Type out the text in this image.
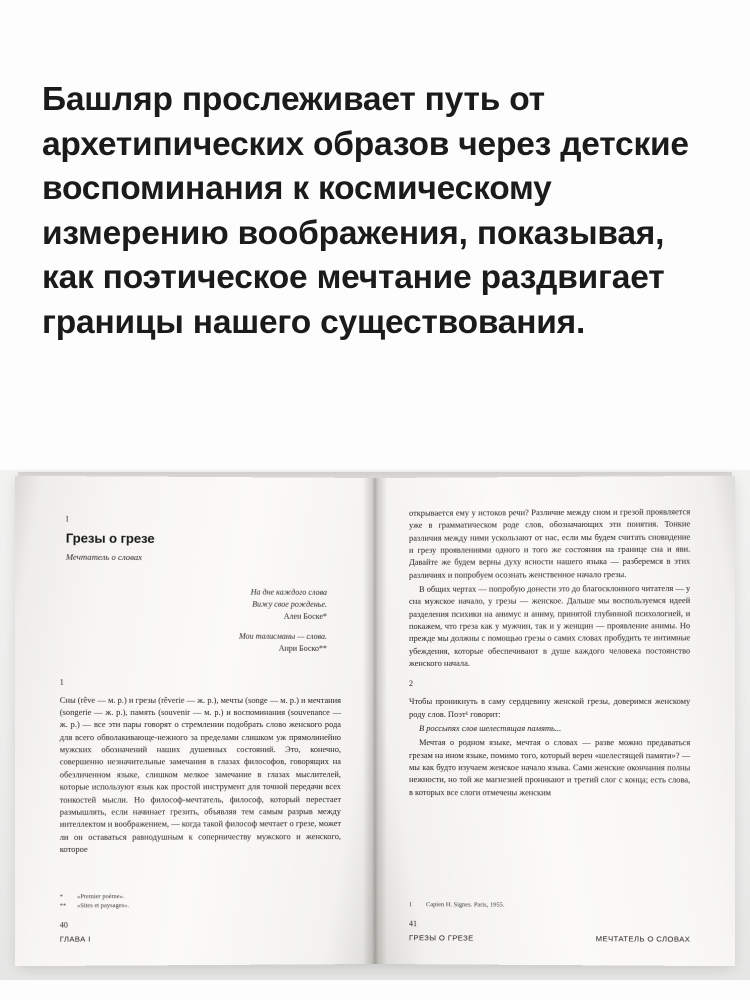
Башляр прослеживает путь от архетипических образов через детские воспоминания к космическому измерению воображения, показывая, как поэтическое мечтание раздвигает границы нашего существования.
I
Грезы о грезе
Мечтатель о словах
На дне каждого слова
Вижу свое рожденье.
Ален Боске*
Мои талисманы — слова.
Анри Боско**
1
Сны (rêve — м. р.) и грезы (rêverie — ж. р.), мечты (songe — м. р.) и мечтания (songerie — ж. р.), память (souvenir — м. р.) и воспоминания (souvenance — ж. р.) — все эти пары говорят о стремлении подобрать слово женского рода для всего обволакивающе-нежного за пределами слишком уж прямолинейно мужских обозначений наших душевных состояний. Это, конечно, совершенно незначительные замечания в глазах философов, говорящих на обезличенном языке, слишком мелкое замечание в глазах мыслителей, которые используют язык как простой инструмент для точной передачи всех тонкостей мысли. Но философ-мечтатель, философ, который перестает размышлять, если начинает грезить, объявляя тем самым разрыв между интеллектом и воображением, — когда такой философ мечтает о грезе, может ли он оставаться равнодушным к соперничеству мужского и женского, которое
*	«Premier poème».
**	«Sites et paysages».
40
ГЛАВА I
открывается ему у истоков речи? Различие между сном и грезой проявляется уже в грамматическом роде слов, обозначающих эти понятия. Тонкие различия между ними ускользают от нас, если мы будем считать сновидение и грезу проявлениями одного и того же состояния на границе сна и яви. Давайте же будем верны духу ясности нашего языка — разберемся в этих различиях и попробуем осознать женственное начало грезы.
В общих чертах — попробую донести это до благосклонного читателя — у сна мужское начало, у грезы — женское. Дальше мы воспользуемся идеей разделения психики на анимус и аниму, принятой глубинной психологией, и покажем, что греза как у мужчин, так и у женщин — проявление анимы. Но прежде мы должны с помощью грезы о самих словах пробудить те интимные убеждения, которые обеспечивают в душе каждого человека постоянство женского начала.
2
Чтобы проникнуть в саму сердцевину женской грезы, доверимся женскому роду слов. Поэт¹ говорит:
В россыпях слов шелестящая память...
Мечтая о родном языке, мечтая о словах — разве можно предаваться грезам на ином языке, помимо того, который верен «шелестящей памяти»? — мы как будто изучаем женское начало языка. Сами женские окончания полны нежности, но той же магнезией проникают и третий слог с конца; есть слова, в которых все слоги отмечены женским
1	Capien H. Signes. Paris, 1955.
41
ГРЕЗЫ О ГРЕЗЕ	МЕЧТАТЕЛЬ О СЛОВАХ
